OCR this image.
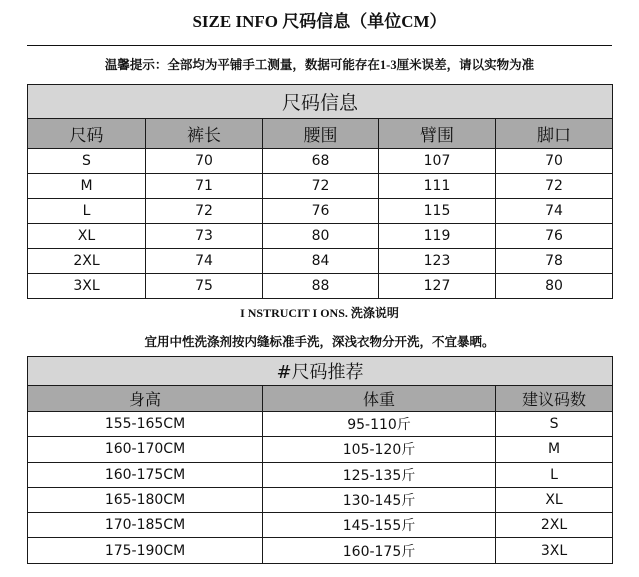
SIZE INFO 尺码信息（单位CM）
温馨提示：全部均为平铺手工测量，数据可能存在1-3厘米误差，请以实物为准
尺码信息				
尺码	裤长	腰围	臂围	脚口
S	70	68	107	70
M	71	72	111	72
L	72	76	115	74
XL	73	80	119	76
2XL	74	84	123	78
3XL	75	88	127	80
I NSTRUCIT I ONS. 洗涤说明
宜用中性洗涤剂按内缝标准手洗，深浅衣物分开洗，不宜暴晒。
#尺码推荐		
身高	体重	建议码数
155-165CM	95-110斤	S
160-170CM	105-120斤	M
160-175CM	125-135斤	L
165-180CM	130-145斤	XL
170-185CM	145-155斤	2XL
175-190CM	160-175斤	3XL
